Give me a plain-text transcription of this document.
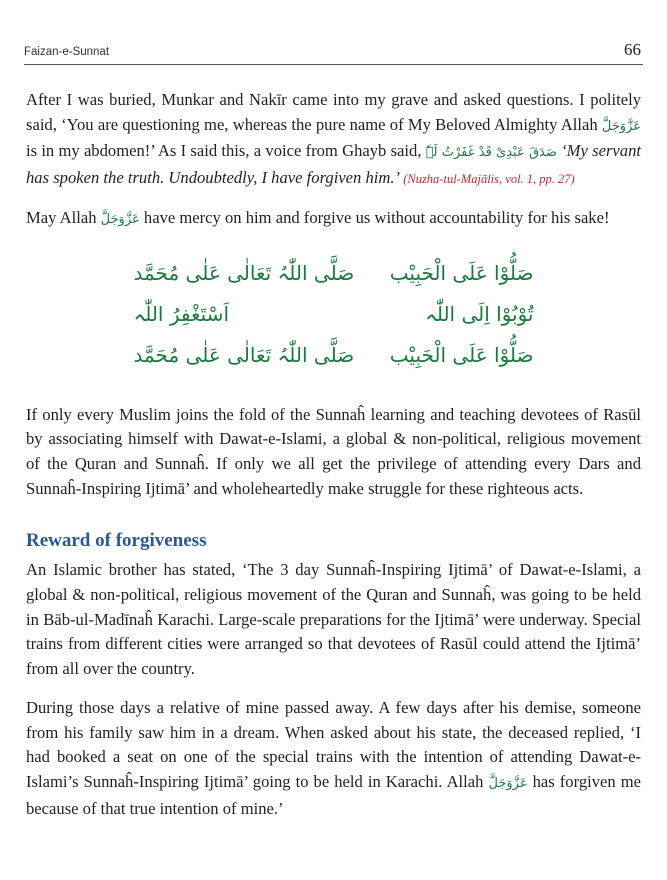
Faizan-e-Sunnat	66

After I was buried, Munkar and Nakīr came into my grave and asked questions. I politely said, ‘You are questioning me, whereas the pure name of My Beloved Almighty Allah عَزَّوَجَلَّ is in my abdomen!’ As I said this, a voice from Ghayb said, صَدَقَ عَبْدِیْ قَدْ غَفَرْتُ لَہٗ ‘My servant has spoken the truth. Undoubtedly, I have forgiven him.’ (Nuzha-tul-Majālis, vol. 1, pp. 27)

May Allah عَزَّوَجَلَّ have mercy on him and forgive us without accountability for his sake!

صَلُّوْا عَلَی الْحَبِیْب
صَلَّی اللّٰہُ تَعَالٰی عَلٰی مُحَمَّد
تُوْبُوْا اِلَی اللّٰہ
اَسْتَغْفِرُ اللّٰہ
صَلُّوْا عَلَی الْحَبِیْب
صَلَّی اللّٰہُ تَعَالٰی عَلٰی مُحَمَّد

If only every Muslim joins the fold of the Sunnaĥ learning and teaching devotees of Rasūl by associating himself with Dawat-e-Islami, a global & non-political, religious movement of the Quran and Sunnaĥ. If only we all get the privilege of attending every Dars and Sunnaĥ-Inspiring Ijtimā’ and wholeheartedly make struggle for these righteous acts.

Reward of forgiveness

An Islamic brother has stated, ‘The 3 day Sunnaĥ-Inspiring Ijtimā’ of Dawat-e-Islami, a global & non-political, religious movement of the Quran and Sunnaĥ, was going to be held in Bāb-ul-Madīnaĥ Karachi. Large-scale preparations for the Ijtimā’ were underway. Special trains from different cities were arranged so that devotees of Rasūl could attend the Ijtimā’ from all over the country.

During those days a relative of mine passed away. A few days after his demise, someone from his family saw him in a dream. When asked about his state, the deceased replied, ‘I had booked a seat on one of the special trains with the intention of attending Dawat-e-Islami’s Sunnaĥ-Inspiring Ijtimā’ going to be held in Karachi. Allah عَزَّوَجَلَّ has forgiven me because of that true intention of mine.’
